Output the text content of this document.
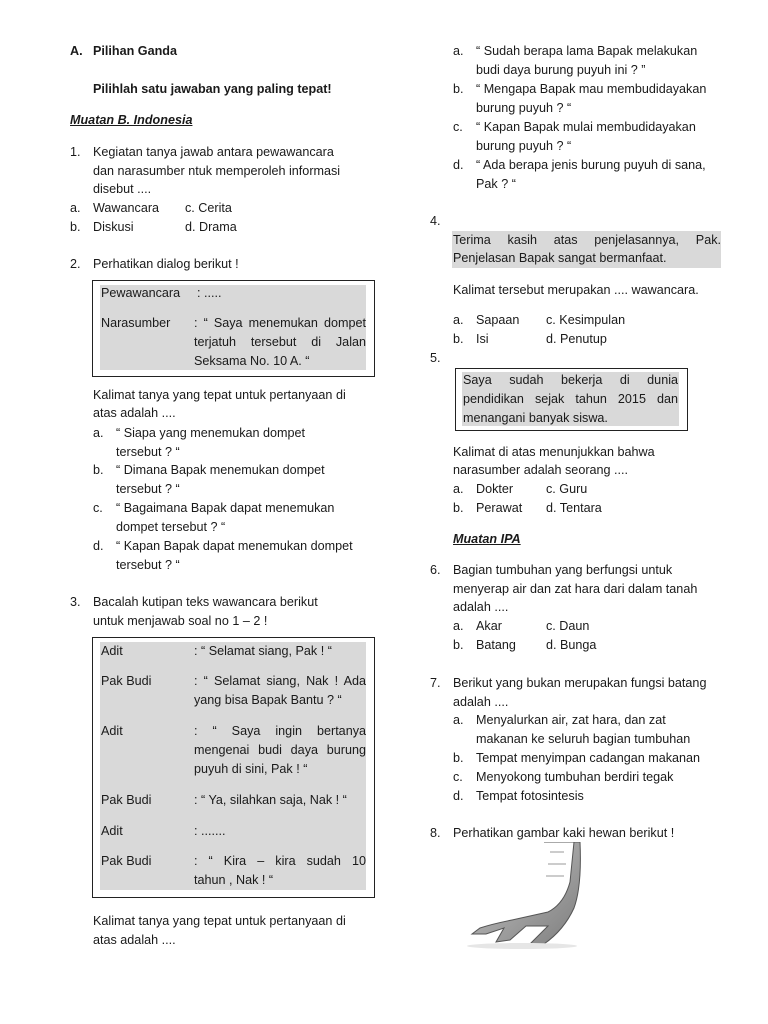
A. Pilihan Ganda
Pilihlah satu jawaban yang paling tepat!
Muatan B. Indonesia
1. Kegiatan tanya jawab antara pewawancara
dan narasumber ntuk memperoleh informasi
disebut ....
a. Wawancara c. Cerita
b. Diskusi	d. Drama
2. Perhatikan dialog berikut !
Pewawancara : .....
Narasumber : “ Saya menemukan dompet
terjatuh tersebut di Jalan
Seksama No. 10 A. “
Kalimat tanya yang tepat untuk pertanyaan di
atas adalah ....
a. “ Siapa yang menemukan dompet
tersebut ? “
b. “ Dimana Bapak menemukan dompet
tersebut ? “
c. “ Bagaimana Bapak dapat menemukan
dompet tersebut ? “
d. “ Kapan Bapak dapat menemukan dompet
tersebut ? “
3. Bacalah kutipan teks wawancara berikut
untuk menjawab soal no 1 – 2 !
Adit	: “ Selamat siang, Pak ! “
Pak Budi	: “ Selamat siang, Nak ! Ada
yang bisa Bapak Bantu ? “
Adit	: “ Saya ingin bertanya
mengenai budi daya burung
puyuh di sini, Pak ! “
Pak Budi	: “ Ya, silahkan saja, Nak ! “
Adit	: .......
Pak Budi	: “ Kira – kira sudah 10
tahun , Nak ! “
Kalimat tanya yang tepat untuk pertanyaan di
atas adalah ....
a. “ Sudah berapa lama Bapak melakukan
budi daya burung puyuh ini ? ”
b. “ Mengapa Bapak mau membudidayakan
burung puyuh ? “
c. “ Kapan Bapak mulai membudidayakan
burung puyuh ? “
d. “ Ada berapa jenis burung puyuh di sana,
Pak ? “
4.
Terima kasih atas penjelasannya, Pak.
Penjelasan Bapak sangat bermanfaat.
Kalimat tersebut merupakan .... wawancara.
a. Sapaan c. Kesimpulan
b. Isi	d. Penutup
5.
Saya sudah bekerja di dunia
pendidikan sejak tahun 2015 dan
menangani banyak siswa.
Kalimat di atas menunjukkan bahwa
narasumber adalah seorang ....
a. Dokter	c. Guru
b. Perawat d. Tentara
Muatan IPA
6. Bagian tumbuhan yang berfungsi untuk
menyerap air dan zat hara dari dalam tanah
adalah ....
a. Akar	c. Daun
b. Batang d. Bunga
7. Berikut yang bukan merupakan fungsi batang
adalah ....
a. Menyalurkan air, zat hara, dan zat
makanan ke seluruh bagian tumbuhan
b. Tempat menyimpan cadangan makanan
c. Menyokong tumbuhan berdiri tegak
d. Tempat fotosintesis
8. Perhatikan gambar kaki hewan berikut !
